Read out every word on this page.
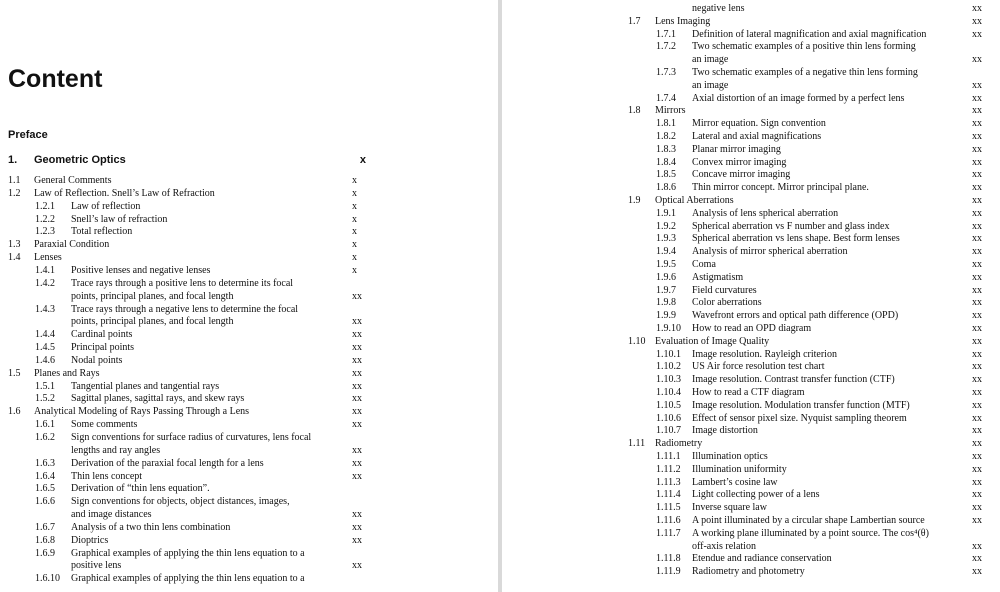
Content
Preface
1. Geometric Optics	x
1.1 General Comments	x
1.2 Law of Reflection. Snell’s Law of Refraction	x
1.2.1 Law of reflection	x
1.2.2 Snell’s law of refraction	x
1.2.3 Total reflection	x
1.3 Paraxial Condition	x
1.4 Lenses	x
1.4.1 Positive lenses and negative lenses	x
1.4.2 Trace rays through a positive lens to determine its focal
points, principal planes, and focal length	xx
1.4.3 Trace rays through a negative lens to determine the focal
points, principal planes, and focal length	xx
1.4.4 Cardinal points	xx
1.4.5 Principal points	xx
1.4.6 Nodal points	xx
1.5 Planes and Rays	xx
1.5.1 Tangential planes and tangential rays	xx
1.5.2 Sagittal planes, sagittal rays, and skew rays	xx
1.6 Analytical Modeling of Rays Passing Through a Lens	xx
1.6.1 Some comments	xx
1.6.2 Sign conventions for surface radius of curvatures, lens focal
lengths and ray angles	xx
1.6.3 Derivation of the paraxial focal length for a lens	xx
1.6.4 Thin lens concept	xx
1.6.5 Derivation of “thin lens equation”.
1.6.6 Sign conventions for objects, object distances, images,
and image distances	xx
1.6.7 Analysis of a two thin lens combination	xx
1.6.8 Dioptrics	xx
1.6.9 Graphical examples of applying the thin lens equation to a
positive lens	xx
1.6.10 Graphical examples of applying the thin lens equation to a
negative lens	xx
1.7 Lens Imaging	xx
1.7.1 Definition of lateral magnification and axial magnification	xx
1.7.2 Two schematic examples of a positive thin lens forming
an image	xx
1.7.3 Two schematic examples of a negative thin lens forming
an image	xx
1.7.4 Axial distortion of an image formed by a perfect lens	xx
1.8 Mirrors	xx
1.8.1 Mirror equation. Sign convention	xx
1.8.2 Lateral and axial magnifications	xx
1.8.3 Planar mirror imaging	xx
1.8.4 Convex mirror imaging	xx
1.8.5 Concave mirror imaging	xx
1.8.6 Thin mirror concept. Mirror principal plane.	xx
1.9 Optical Aberrations	xx
1.9.1 Analysis of lens spherical aberration	xx
1.9.2 Spherical aberration vs F number and glass index	xx
1.9.3 Spherical aberration vs lens shape. Best form lenses	xx
1.9.4 Analysis of mirror spherical aberration	xx
1.9.5 Coma	xx
1.9.6 Astigmatism	xx
1.9.7 Field curvatures	xx
1.9.8 Color aberrations	xx
1.9.9 Wavefront errors and optical path difference (OPD)	xx
1.9.10 How to read an OPD diagram	xx
1.10 Evaluation of Image Quality	xx
1.10.1 Image resolution. Rayleigh criterion	xx
1.10.2 US Air force resolution test chart	xx
1.10.3 Image resolution. Contrast transfer function (CTF)	xx
1.10.4 How to read a CTF diagram	xx
1.10.5 Image resolution. Modulation transfer function (MTF)	xx
1.10.6 Effect of sensor pixel size. Nyquist sampling theorem	xx
1.10.7 Image distortion	xx
1.11 Radiometry	xx
1.11.1 Illumination optics	xx
1.11.2 Illumination uniformity	xx
1.11.3 Lambert’s cosine law	xx
1.11.4 Light collecting power of a lens	xx
1.11.5 Inverse square law	xx
1.11.6 A point illuminated by a circular shape Lambertian source	xx
1.11.7 A working plane illuminated by a point source. The cos⁴(θ)
off-axis relation	xx
1.11.8 Etendue and radiance conservation	xx
1.11.9 Radiometry and photometry	xx
